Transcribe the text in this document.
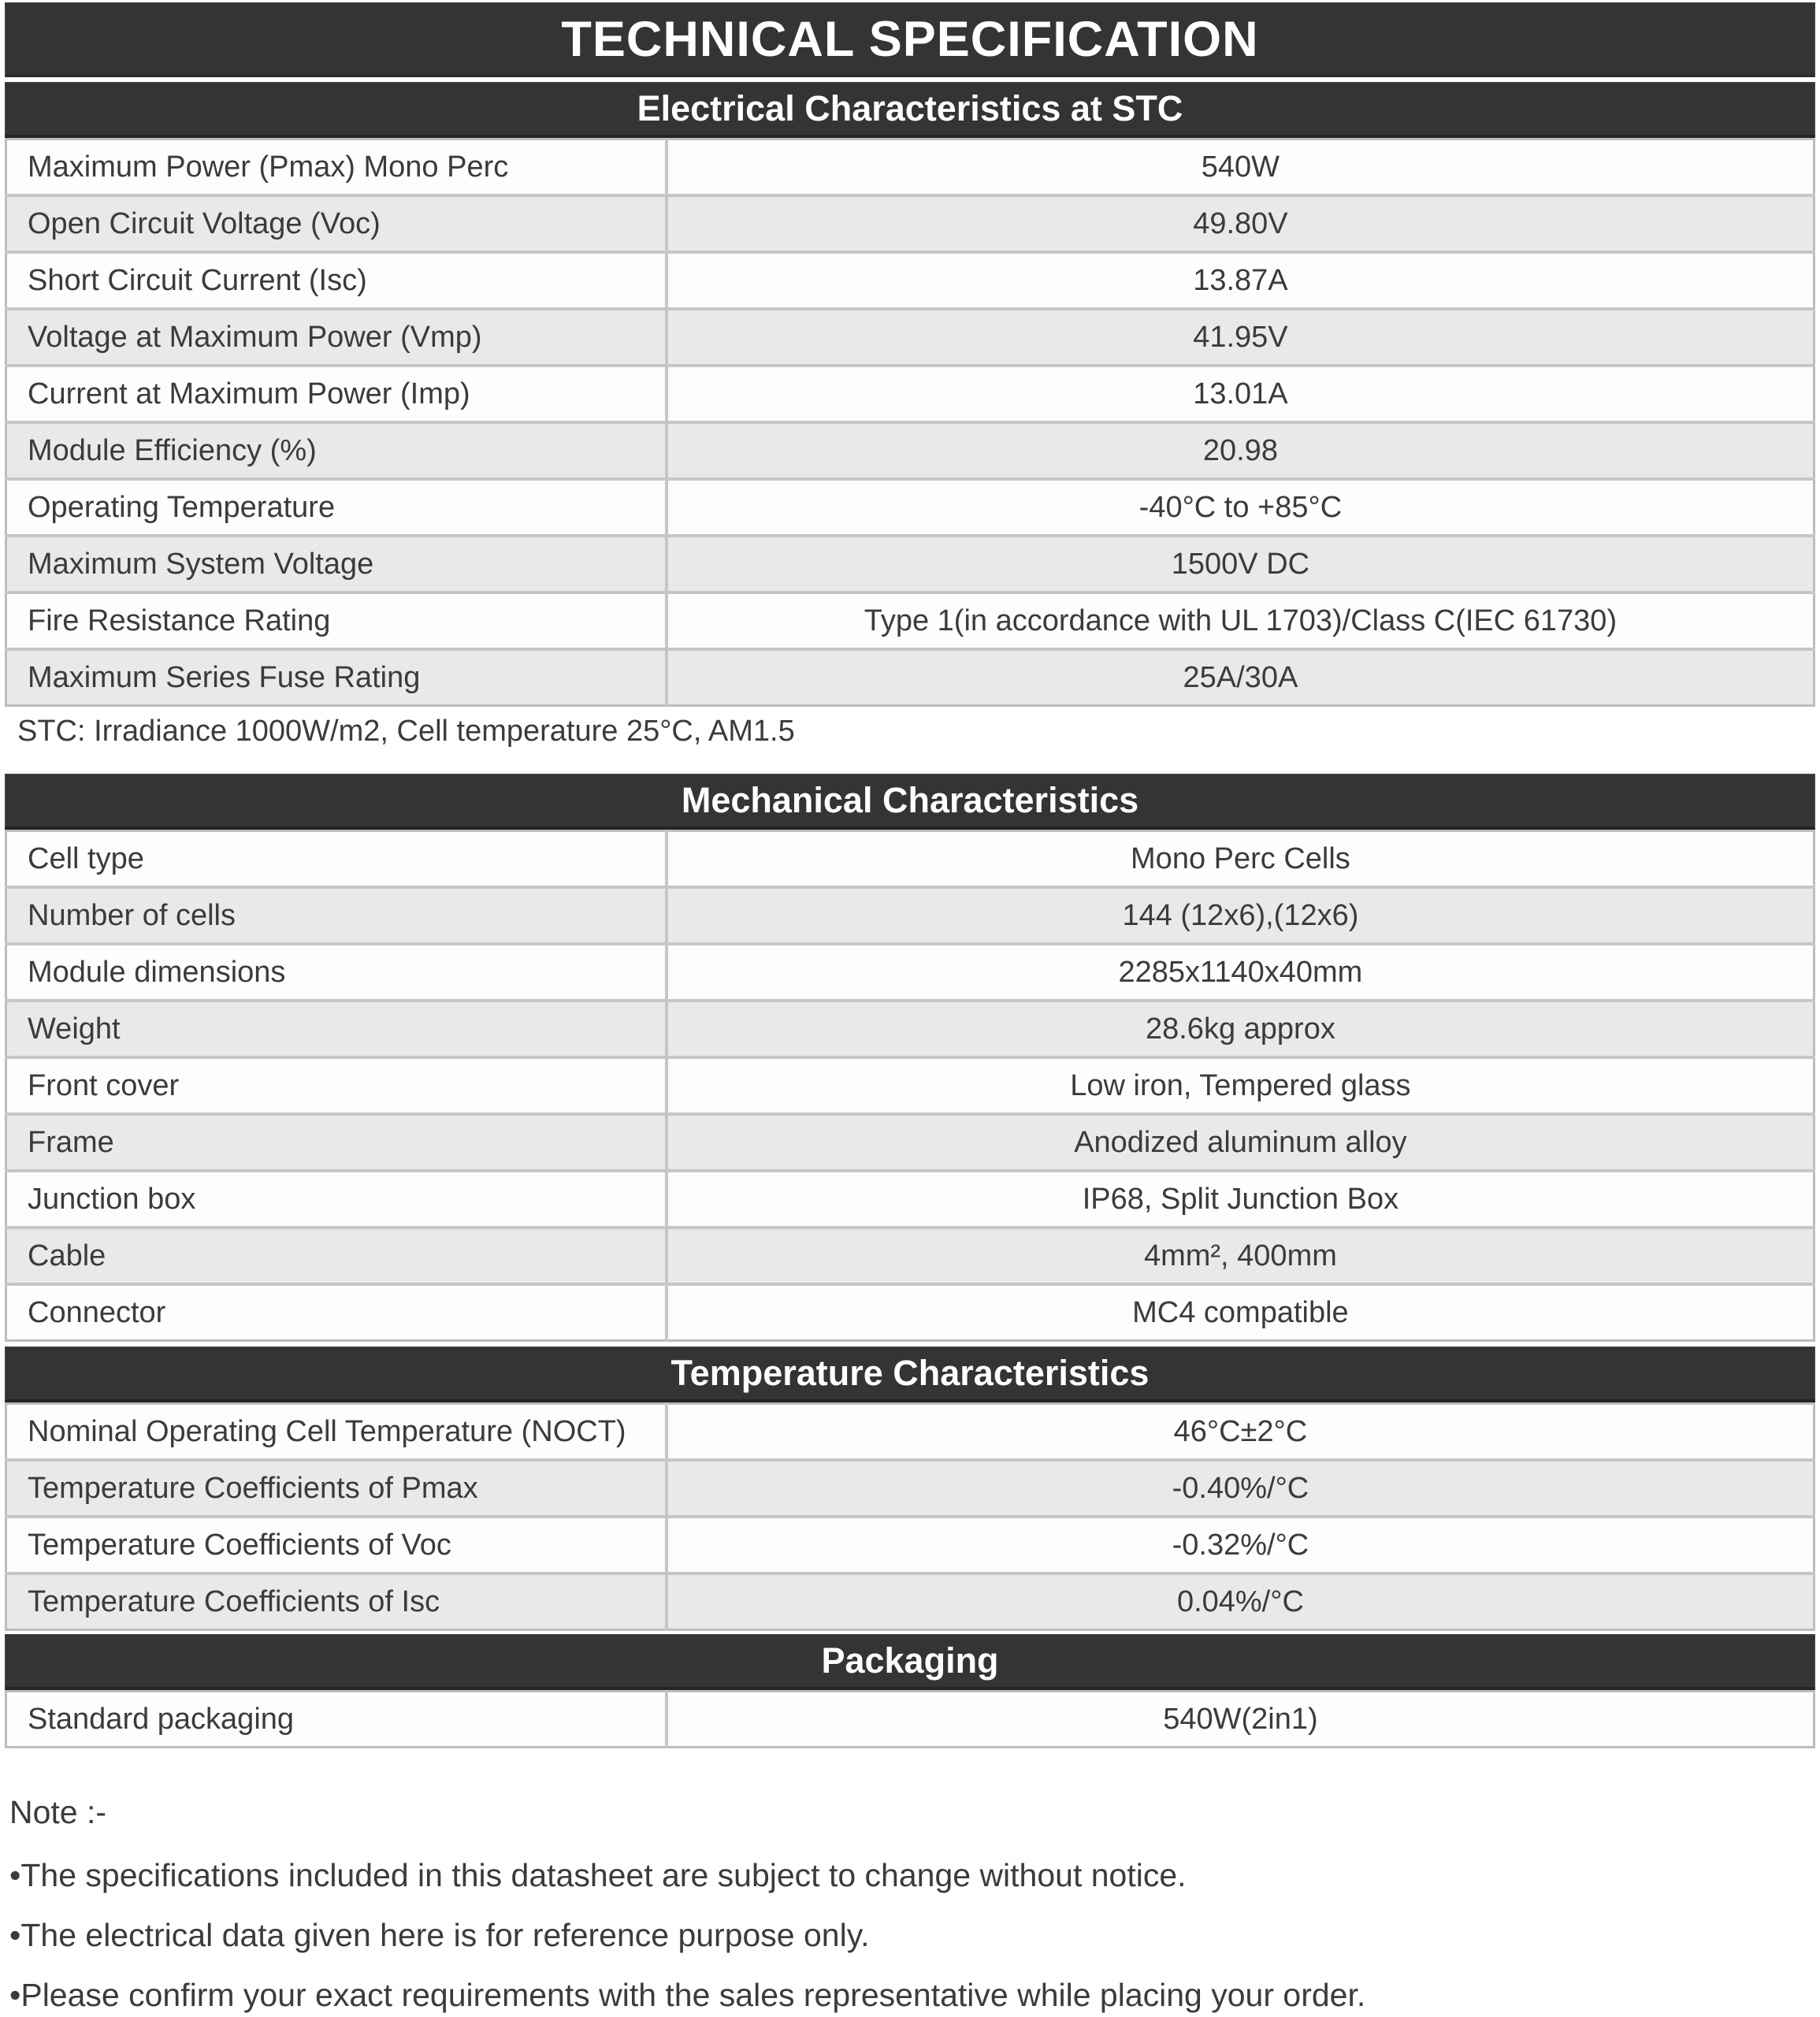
TECHNICAL SPECIFICATION
Electrical Characteristics at STC
Maximum Power (Pmax) Mono Perc	540W
Open Circuit Voltage (Voc)	49.80V
Short Circuit Current (Isc)	13.87A
Voltage at Maximum Power (Vmp)	41.95V
Current at Maximum Power (Imp)	13.01A
Module Efficiency (%)	20.98
Operating Temperature	-40°C to +85°C
Maximum System Voltage	1500V DC
Fire Resistance Rating	Type 1(in accordance with UL 1703)/Class C(IEC 61730)
Maximum Series Fuse Rating	25A/30A

STC: Irradiance 1000W/m2, Cell temperature 25°C, AM1.5

Mechanical Characteristics
Cell type	Mono Perc Cells
Number of cells	144 (12x6),(12x6)
Module dimensions	2285x1140x40mm
Weight	28.6kg approx
Front cover	Low iron, Tempered glass
Frame	Anodized aluminum alloy
Junction box	IP68, Split Junction Box
Cable	4mm², 400mm
Connector	MC4 compatible
Temperature Characteristics
Nominal Operating Cell Temperature (NOCT)	46°C±2°C
Temperature Coefficients of Pmax	-0.40%/°C
Temperature Coefficients of Voc	-0.32%/°C
Temperature Coefficients of Isc	0.04%/°C
Packaging
Standard packaging	540W(2in1)

Note :-

•The specifications included in this datasheet are subject to change without notice.

•The electrical data given here is for reference purpose only.

•Please confirm your exact requirements with the sales representative while placing your order.
